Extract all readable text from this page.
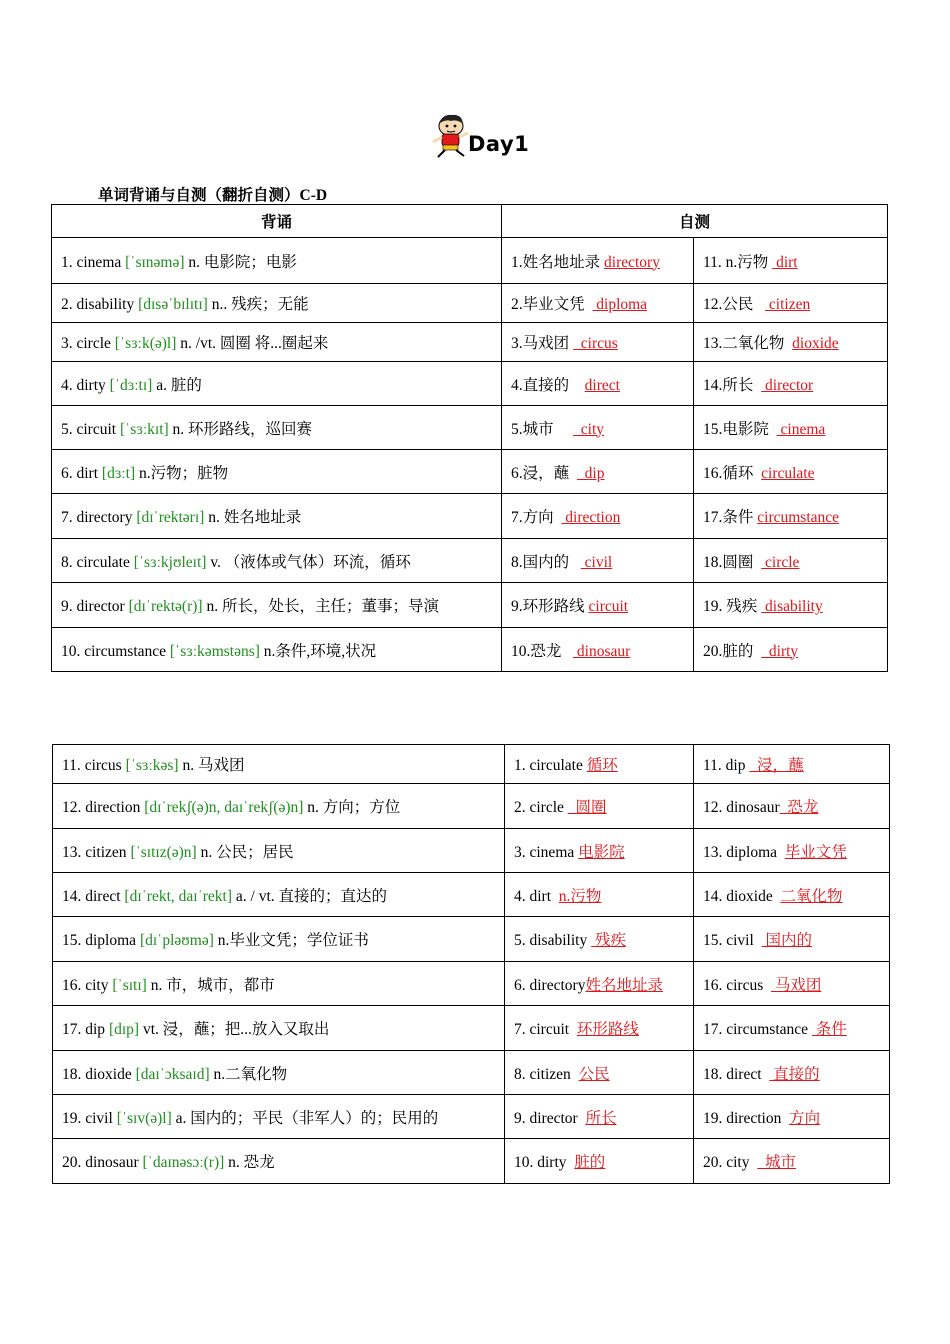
Day1
单词背诵与自测（翻折自测）C-D
背诵	自测	
1. cinema [ˈsɪnəmə] n. 电影院；电影	1.姓名地址录 directory	11. n.污物  dirt
2. disability [dɪsəˈbɪlɪtɪ] n.. 残疾；无能	2.毕业文凭   diploma	12.公民    citizen
3. circle [ˈsɜːk(ə)l] n. /vt. 圆圈 将...圈起来	3.马戏团   circus	13.二氧化物  dioxide
4. dirty [ˈdɜːtɪ] a. 脏的	4.直接的    direct	14.所长   director
5. circuit [ˈsɜːkɪt] n. 环形路线，巡回赛	5.城市       city	15.电影院   cinema
6. dirt [dɜːt] n.污物；脏物	6.浸，蘸    dip	16.循环  circulate
7. directory [dɪˈrektərɪ] n. 姓名地址录	7.方向   direction	17.条件 circumstance
8. circulate [ˈsɜːkjʊleɪt] v. （液体或气体）环流，循环	8.国内的    civil	18.圆圈   circle
9. director [dɪˈrektə(r)] n. 所长，处长，主任；董事；导演	9.环形路线 circuit	19. 残疾  disability
10. circumstance [ˈsɜːkəmstəns] n.条件,环境,状况	10.恐龙    dinosaur	20.脏的    dirty
11. circus [ˈsɜːkəs] n. 马戏团	1. circulate 循环	11. dip   浸，蘸
12. direction [dɪˈrekʃ(ə)n, daɪˈrekʃ(ə)n] n. 方向；方位	2. circle   圆圈	12. dinosaur  恐龙
13. citizen [ˈsɪtɪz(ə)n] n. 公民；居民	3. cinema 电影院	13. diploma  毕业文凭
14. direct [dɪˈrekt, daɪˈrekt] a. / vt. 直接的；直达的	4. dirt  n.污物	14. dioxide  二氧化物
15. diploma [dɪˈpləʊmə] n.毕业文凭；学位证书	5. disability  残疾	15. civil   国内的
16. city [ˈsɪtɪ] n. 市，城市，都市	6. directory姓名地址录	16. circus   马戏团
17. dip [dɪp] vt. 浸，蘸；把...放入又取出	7. circuit  环形路线	17. circumstance  条件
18. dioxide [daɪˈɔksaɪd] n.二氧化物	8. citizen  公民	18. direct   直接的
19. civil [ˈsɪv(ə)l] a. 国内的；平民（非军人）的；民用的	9. director  所长	19. direction  方向
20. dinosaur [ˈdaɪnəsɔː(r)] n. 恐龙	10. dirty  脏的	20. city    城市
